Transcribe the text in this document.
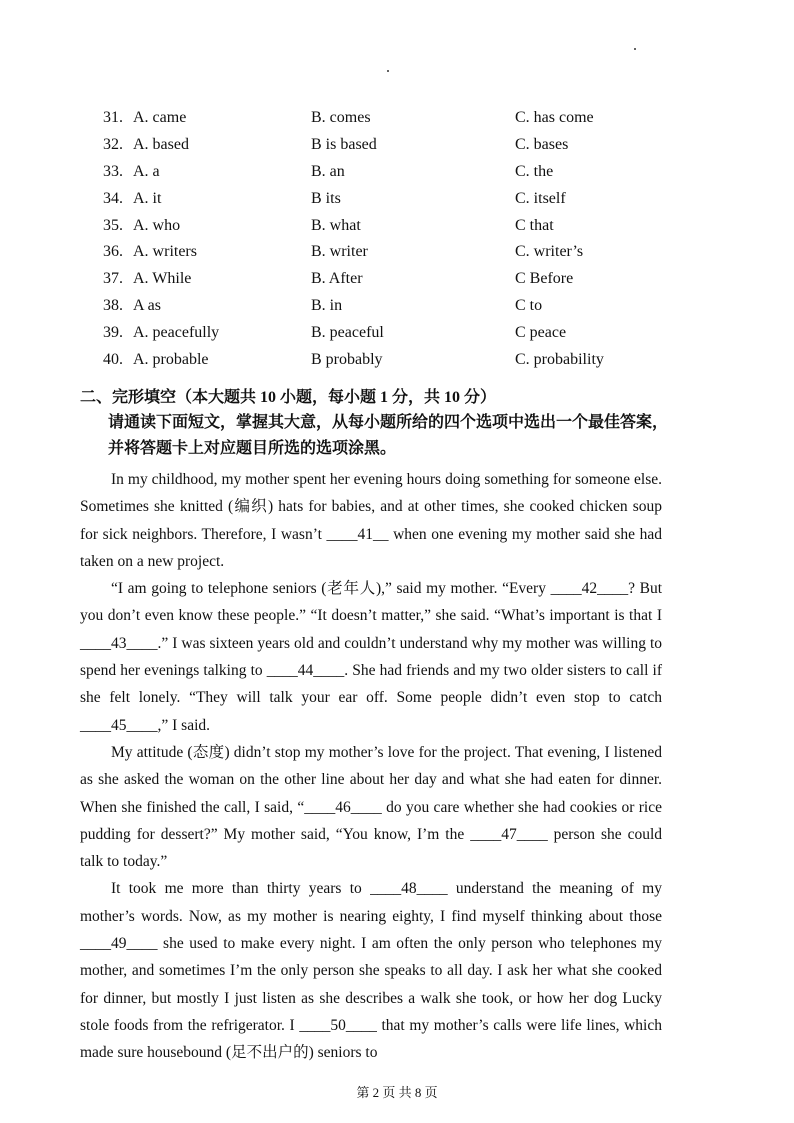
31. A. came	B. comes	C. has come
32. A. based	B is based	C. bases
33. A. a	B. an	C. the
34. A. it	B its	C. itself
35. A. who	B. what	C that
36. A. writers	B. writer	C. writer’s
37. A. While	B. After	C Before
38. A as	B. in	C to
39. A. peacefully	B. peaceful	C peace
40. A. probable	B probably	C. probability
二、完形填空（本大题共 10 小题，每小题 1 分，共 10 分）
请通读下面短文，掌握其大意，从每小题所给的四个选项中选出一个最佳答案，并将答题卡上对应题目所选的选项涂黑。

In my childhood, my mother spent her evening hours doing something for someone else. Sometimes she knitted (编织) hats for babies, and at other times, she cooked chicken soup for sick neighbors. Therefore, I wasn’t ____41__ when one evening my mother said she had taken on a new project.

“I am going to telephone seniors (老年人),” said my mother. “Every ____42____? But you don’t even know these people.” “It doesn’t matter,” she said. “What’s important is that I ____43____.” I was sixteen years old and couldn’t understand why my mother was willing to spend her evenings talking to ____44____. She had friends and my two older sisters to call if she felt lonely. “They will talk your ear off. Some people didn’t even stop to catch ____45____,” I said.

My attitude (态度) didn’t stop my mother’s love for the project. That evening, I listened as she asked the woman on the other line about her day and what she had eaten for dinner. When she finished the call, I said, “____46____ do you care whether she had cookies or rice pudding for dessert?” My mother said, “You know, I’m the ____47____ person she could talk to today.”

It took me more than thirty years to ____48____ understand the meaning of my mother’s words. Now, as my mother is nearing eighty, I find myself thinking about those ____49____ she used to make every night. I am often the only person who telephones my mother, and sometimes I’m the only person she speaks to all day. I ask her what she cooked for dinner, but mostly I just listen as she describes a walk she took, or how her dog Lucky stole foods from the refrigerator. I ____50____ that my mother’s calls were life lines, which made sure housebound (足不出户的) seniors to

第 2 页 共 8 页
